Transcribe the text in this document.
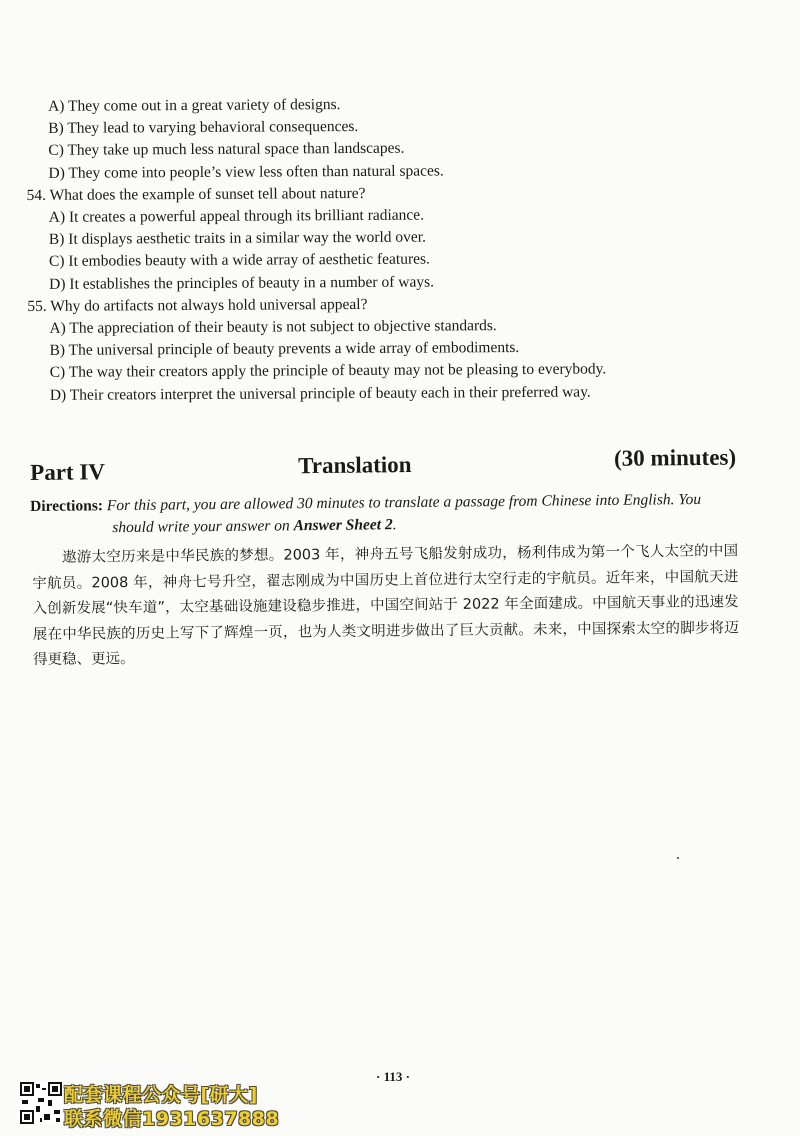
A) They come out in a great variety of designs.
B) They lead to varying behavioral consequences.
C) They take up much less natural space than landscapes.
D) They come into people’s view less often than natural spaces.
54. What does the example of sunset tell about nature?
A) It creates a powerful appeal through its brilliant radiance.
B) It displays aesthetic traits in a similar way the world over.
C) It embodies beauty with a wide array of aesthetic features.
D) It establishes the principles of beauty in a number of ways.
55. Why do artifacts not always hold universal appeal?
A) The appreciation of their beauty is not subject to objective standards.
B) The universal principle of beauty prevents a wide array of embodiments.
C) The way their creators apply the principle of beauty may not be pleasing to everybody.
D) Their creators interpret the universal principle of beauty each in their preferred way.
Part IV	Translation	(30 minutes)
Directions: For this part, you are allowed 30 minutes to translate a passage from Chinese into English. You
should write your answer on Answer Sheet 2.
遨游太空历来是中华民族的梦想。2003 年，神舟五号飞船发射成功，杨利伟成为第一个飞人太空的中国宇航员。2008 年，神舟七号升空，翟志刚成为中国历史上首位进行太空行走的宇航员。近年来，中国航天进入创新发展“快车道”，太空基础设施建设稳步推进，中国空间站于 2022 年全面建成。中国航天事业的迅速发展在中华民族的历史上写下了辉煌一页，也为人类文明进步做出了巨大贡献。未来，中国探索太空的脚步将迈得更稳、更远。
· 113 ·
配套课程公众号[研大]
联系微信1931637888
